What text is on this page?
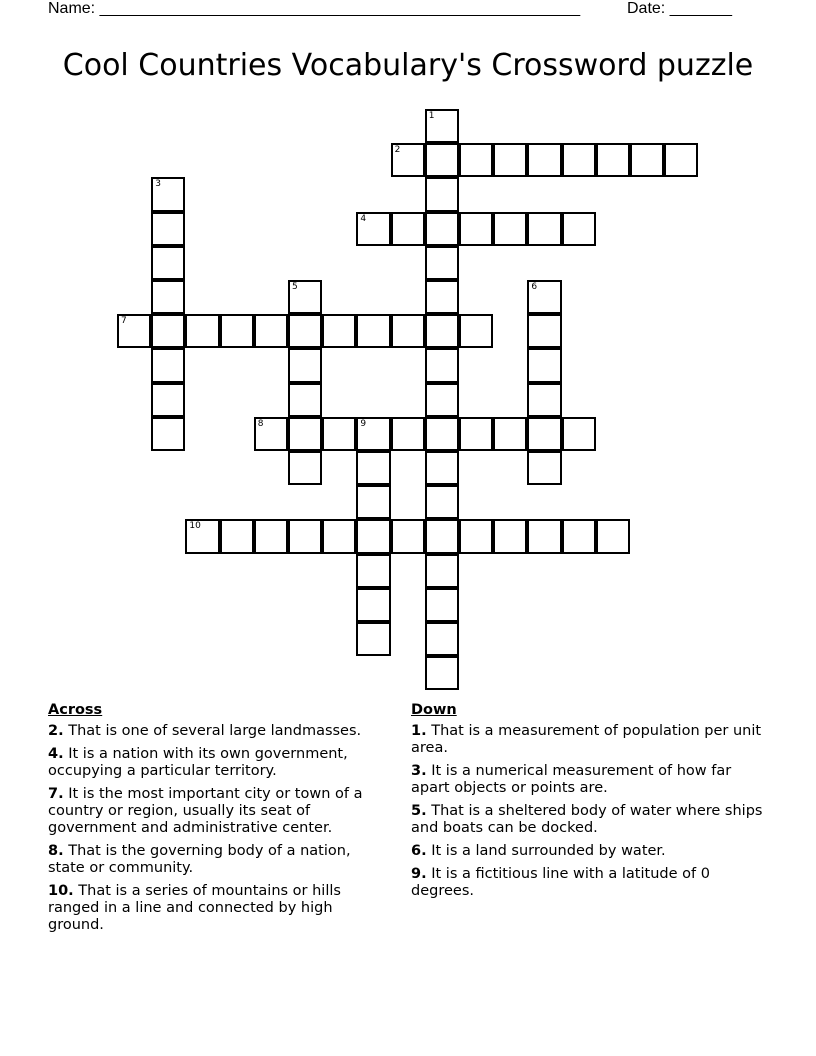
Name: ______________________________________________________	Date: _______
Cool Countries Vocabulary's Crossword puzzle
1
2
3
4
5	6
7
8	9
10
Across
2. That is one of several large landmasses.
4. It is a nation with its own government, occupying a particular territory.
7. It is the most important city or town of a country or region, usually its seat of government and administrative center.
8. That is the governing body of a nation, state or community.
10. That is a series of mountains or hills ranged in a line and connected by high ground.
Down
1. That is a measurement of population per unit area.
3. It is a numerical measurement of how far apart objects or points are.
5. That is a sheltered body of water where ships and boats can be docked.
6. It is a land surrounded by water.
9. It is a fictitious line with a latitude of 0 degrees.
